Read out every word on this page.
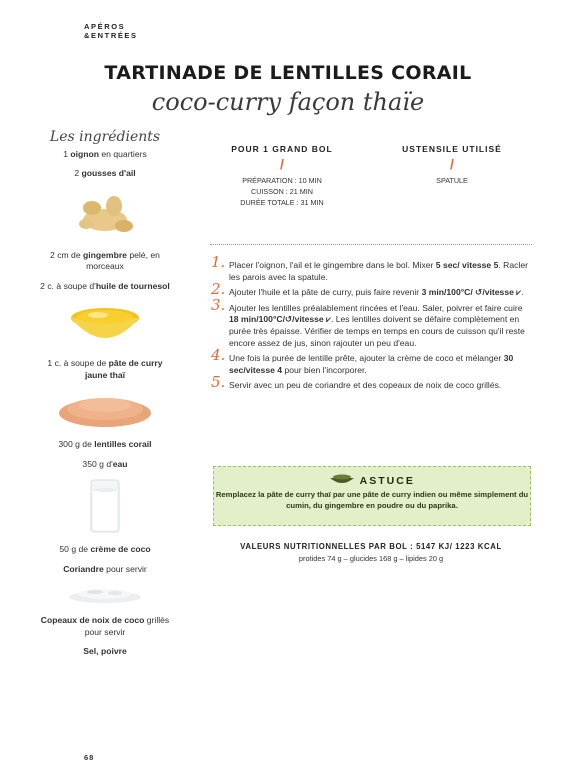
APÉROS
&ENTRÉES
TARTINADE DE LENTILLES CORAIL
coco-curry façon thaïe
Les ingrédients
1 oignon en quartiers
2 gousses d'ail
2 cm de gingembre pelé, en morceaux
2 c. à soupe d'huile de tournesol
1 c. à soupe de pâte de curry jaune thaï
300 g de lentilles corail
350 g d'eau
50 g de crème de coco
Coriandre pour servir
Copeaux de noix de coco grillés pour servir
Sel, poivre
POUR 1 GRAND BOL
/
PRÉPARATION : 10 MIN
CUISSON : 21 MIN
DURÉE TOTALE : 31 MIN
USTENSILE UTILISÉ
/
SPATULE
1. Placer l'oignon, l'ail et le gingembre dans le bol. Mixer 5 sec/ vitesse 5. Racler les parois avec la spatule.
2. Ajouter l'huile et la pâte de curry, puis faire revenir 3 min/100°C/ ↺/vitesse ⩗.
3. Ajouter les lentilles préalablement rincées et l'eau. Saler, poivrer et faire cuire 18 min/100°C/↺/vitesse ⩗. Les lentilles doivent se défaire complètement en purée très épaisse. Vérifier de temps en temps en cours de cuisson qu'il reste encore assez de jus, sinon rajouter un peu d'eau.
4. Une fois la purée de lentille prête, ajouter la crème de coco et mélanger 30 sec/vitesse 4 pour bien l'incorporer.
5. Servir avec un peu de coriandre et des copeaux de noix de coco grillés.
ASTUCE
Remplacez la pâte de curry thaï par une pâte de curry indien ou même simplement du cumin, du gingembre en poudre ou du paprika.
VALEURS NUTRITIONNELLES PAR BOL : 5147 KJ/ 1223 KCAL
protides 74 g – glucides 168 g – lipides 20 g
68
